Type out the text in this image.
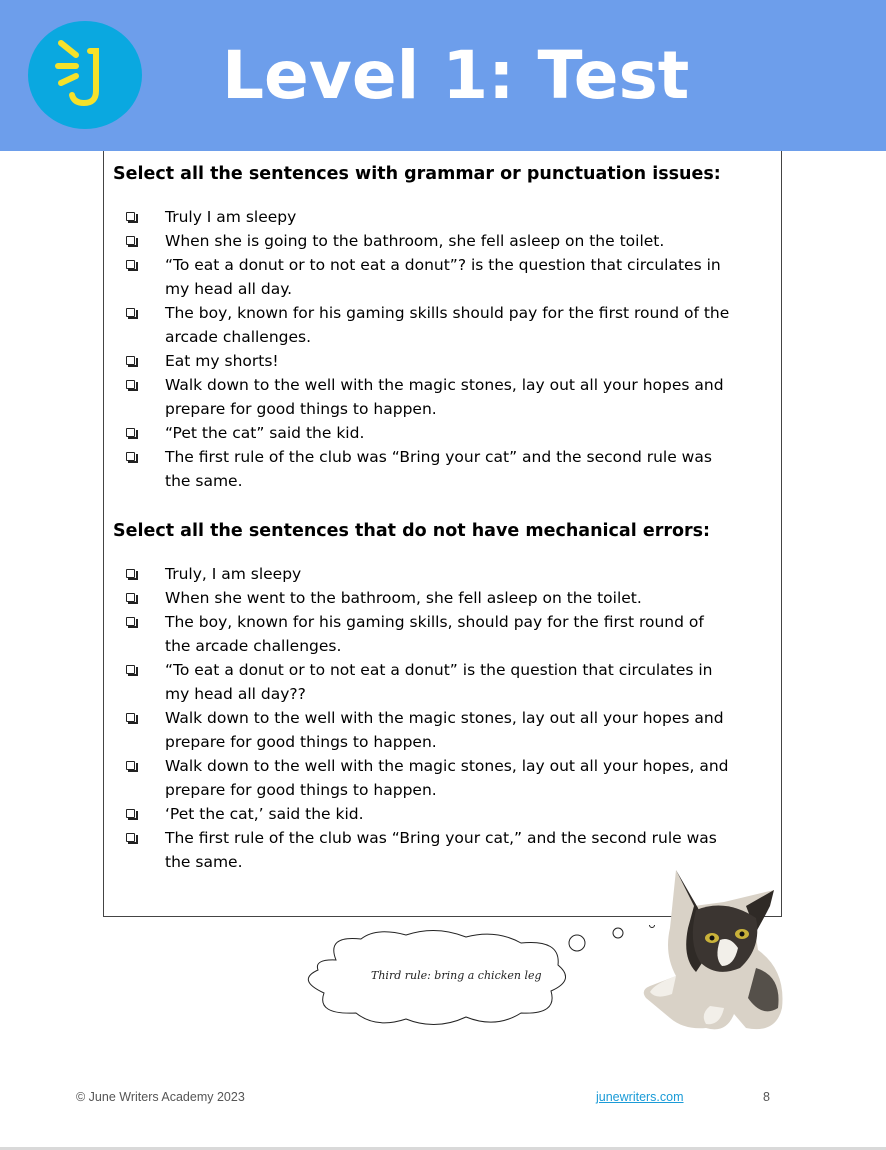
Level 1: Test
Select all the sentences with grammar or punctuation issues:
Truly I am sleepy
When she is going to the bathroom, she fell asleep on the toilet.
“To eat a donut or to not eat a donut”? is the question that circulates in
my head all day.
The boy, known for his gaming skills should pay for the first round of the
arcade challenges.
Eat my shorts!
Walk down to the well with the magic stones, lay out all your hopes and
prepare for good things to happen.
“Pet the cat” said the kid.
The first rule of the club was “Bring your cat” and the second rule was
the same.
Select all the sentences that do not have mechanical errors:
Truly, I am sleepy
When she went to the bathroom, she fell asleep on the toilet.
The boy, known for his gaming skills, should pay for the first round of
the arcade challenges.
“To eat a donut or to not eat a donut” is the question that circulates in
my head all day??
Walk down to the well with the magic stones, lay out all your hopes and
prepare for good things to happen.
Walk down to the well with the magic stones, lay out all your hopes, and
prepare for good things to happen.
‘Pet the cat,’ said the kid.
The first rule of the club was “Bring your cat,” and the second rule was
the same.

Third rule: bring a chicken leg

© June Writers Academy 2023	junewriters.com	8
